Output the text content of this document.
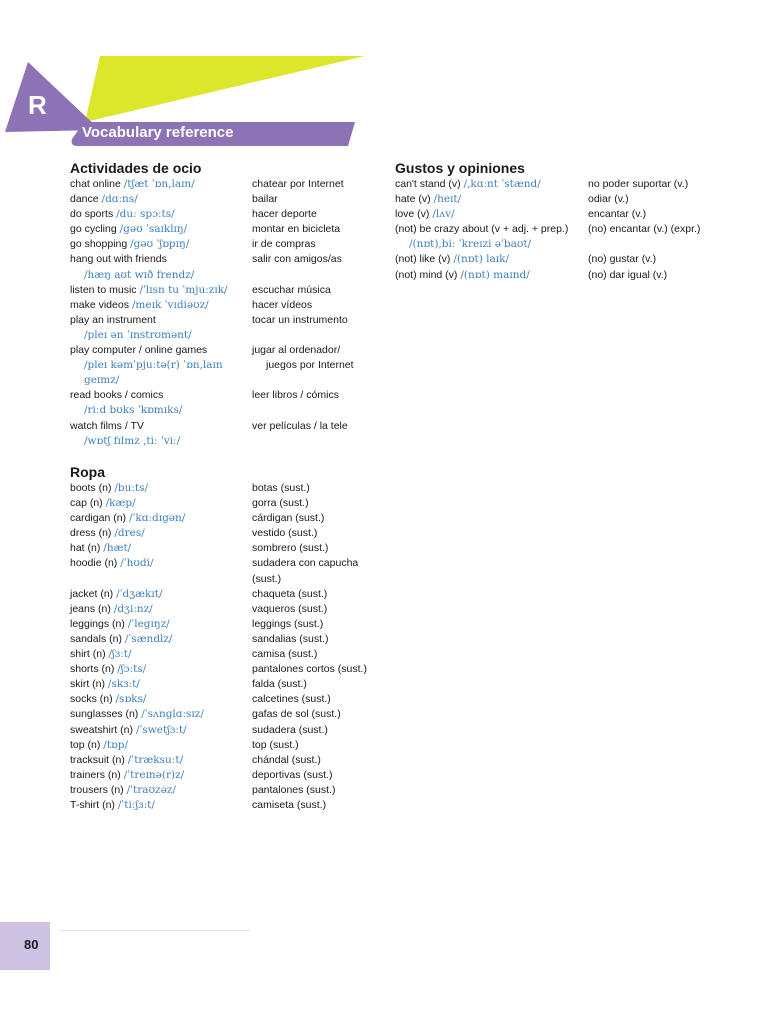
R
Vocabulary reference
Actividades de ocio
chat online /tʃæt ˈɒn,laɪn/	chatear por Internet
dance /dɑːns/	bailar
do sports /duː spɔːts/	hacer deporte
go cycling /gəʊ ˈsaɪklɪŋ/	montar en bicicleta
go shopping /gəʊ ˈʃɒpɪŋ/	ir de compras
hang out with friends	salir con amigos/as
/hæŋ aʊt wɪð frendz/
listen to music /ˈlɪsn tu ˈmjuːzɪk/	escuchar música
make videos /meɪk ˈvɪdiəʊz/	hacer vídeos
play an instrument	tocar un instrumento
/pleɪ ən ˈɪnstrʊmənt/
play computer / online games	jugar al ordenador/
/pleɪ kəmˈpjuːtə(r) ˈɒn,laɪn	juegos por Internet
geɪmz/
read books / comics	leer libros / cómics
/riːd bʊks ˈkɒmɪks/
watch films / TV	ver películas / la tele
/wɒtʃ fɪlmz ,tiː ˈviː/
Ropa
boots (n) /buːts/	botas (sust.)
cap (n) /kæp/	gorra (sust.)
cardigan (n) /ˈkɑːdɪgən/	cárdigan (sust.)
dress (n) /dres/	vestido (sust.)
hat (n) /hæt/	sombrero (sust.)
hoodie (n) /ˈhʊdi/	sudadera con capucha
(sust.)
jacket (n) /ˈdʒækɪt/	chaqueta (sust.)
jeans (n) /dʒiːnz/	vaqueros (sust.)
leggings (n) /ˈlegɪŋz/	leggings (sust.)
sandals (n) /ˈsændlz/	sandalias (sust.)
shirt (n) /ʃɜːt/	camisa (sust.)
shorts (n) /ʃɔːts/	pantalones cortos (sust.)
skirt (n) /skɜːt/	falda (sust.)
socks (n) /sɒks/	calcetines (sust.)
sunglasses (n) /ˈsʌnglɑːsɪz/	gafas de sol (sust.)
sweatshirt (n) /ˈswetʃɜːt/	sudadera (sust.)
top (n) /tɒp/	top (sust.)
tracksuit (n) /ˈtræksuːt/	chándal (sust.)
trainers (n) /ˈtreɪnə(r)z/	deportivas (sust.)
trousers (n) /ˈtraʊzəz/	pantalones (sust.)
T-shirt (n) /ˈtiːʃɜːt/	camiseta (sust.)
Gustos y opiniones
can't stand (v) /,kɑːnt ˈstænd/	no poder suportar (v.)
hate (v) /heɪt/	odiar (v.)
love (v) /lʌv/	encantar (v.)
(not) be crazy about (v + adj. + prep.)	(no) encantar (v.) (expr.)
/(nɒt),biː ˈkreɪzi əˈbaʊt/
(not) like (v) /(nɒt) laɪk/	(no) gustar (v.)
(not) mind (v) /(nɒt) maɪnd/	(no) dar igual (v.)
80
